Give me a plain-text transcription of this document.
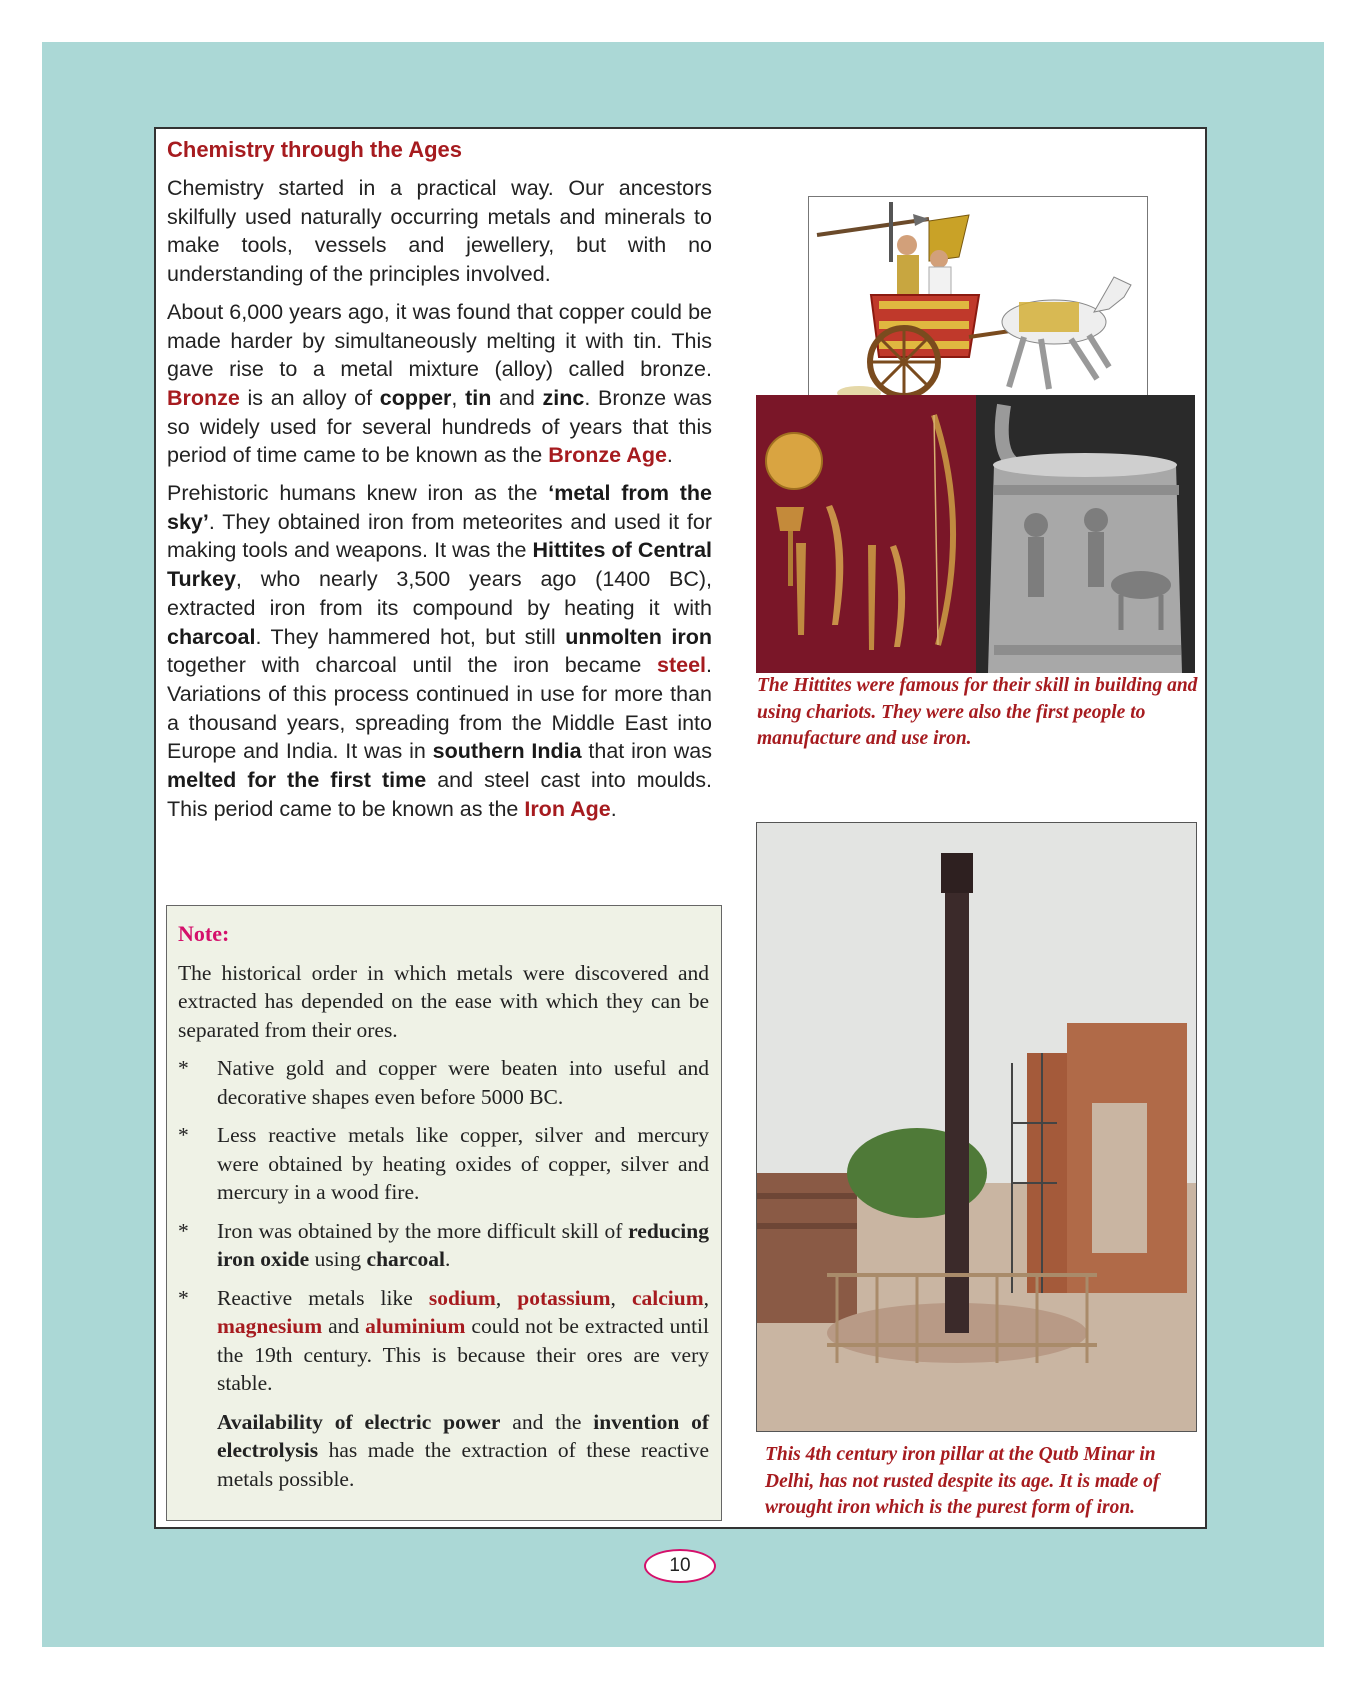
Chemistry through the Ages

Chemistry started in a practical way. Our ancestors skilfully used naturally occurring metals and minerals to make tools, vessels and jewellery, but with no understanding of the principles involved.

About 6,000 years ago, it was found that copper could be made harder by simultaneously melting it with tin. This gave rise to a metal mixture (alloy) called bronze. Bronze is an alloy of copper, tin and zinc. Bronze was so widely used for several hundreds of years that this period of time came to be known as the Bronze Age.

Prehistoric humans knew iron as the ‘metal from the sky’. They obtained iron from meteorites and used it for making tools and weapons. It was the Hittites of Central Turkey, who nearly 3,500 years ago (1400 BC), extracted iron from its compound by heating it with charcoal. They hammered hot, but still unmolten iron together with charcoal until the iron became steel. Variations of this process continued in use for more than a thousand years, spreading from the Middle East into Europe and India. It was in southern India that iron was melted for the first time and steel cast into moulds. This period came to be known as the Iron Age.

Note:
The historical order in which metals were discovered and extracted has depended on the ease with which they can be separated from their ores.
*	Native gold and copper were beaten into useful and decorative shapes even before 5000 BC.
*	Less reactive metals like copper, silver and mercury were obtained by heating oxides of copper, silver and mercury in a wood fire.
*	Iron was obtained by the more difficult skill of reducing iron oxide using charcoal.
*	Reactive metals like sodium, potassium, calcium, magnesium and aluminium could not be extracted until the 19th century. This is because their ores are very stable.
Availability of electric power and the invention of electrolysis has made the extraction of these reactive metals possible.
The Hittites were famous for their skill in building and using chariots. They were also the first people to manufacture and use iron.
This 4th century iron pillar at the Qutb Minar in Delhi, has not rusted despite its age. It is made of wrought iron which is the purest form of iron.
10
